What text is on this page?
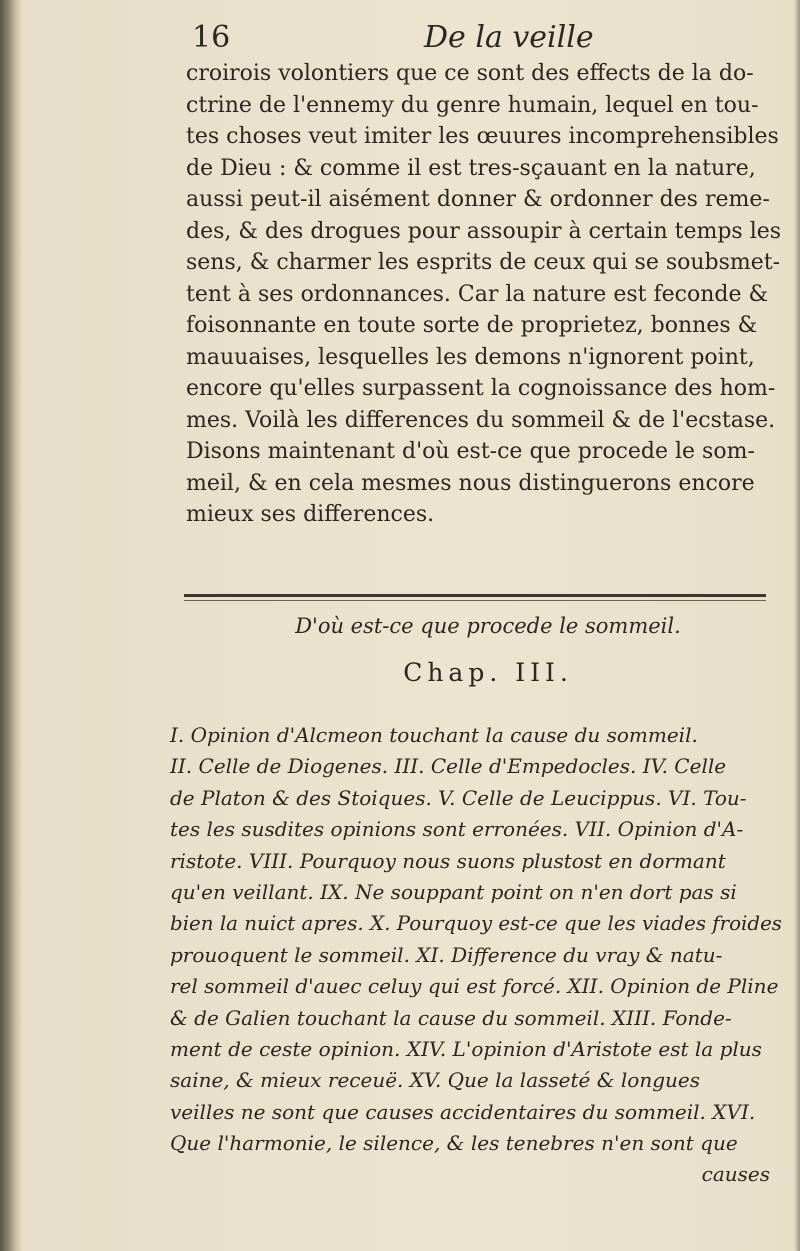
16	De la veille
croirois volontiers que ce sont des effects de la do-
ctrine de l'ennemy du genre humain, lequel en tou-
tes choses veut imiter les œuures incomprehensibles
de Dieu : & comme il est tres-sçauant en la nature,
aussi peut-il aisément donner & ordonner des reme-
des, & des drogues pour assoupir à certain temps les
sens, & charmer les esprits de ceux qui se soubsmet-
tent à ses ordonnances. Car la nature est feconde &
foisonnante en toute sorte de proprietez, bonnes &
mauuaises, lesquelles les demons n'ignorent point,
encore qu'elles surpassent la cognoissance des hom-
mes. Voilà les differences du sommeil & de l'ecstase.
Disons maintenant d'où est-ce que procede le som-
meil, & en cela mesmes nous distinguerons encore
mieux ses differences.
D'où est-ce que procede le sommeil.
Chap. III.
I. Opinion d'Alcmeon touchant la cause du sommeil.
II. Celle de Diogenes. III. Celle d'Empedocles. IV. Celle
de Platon & des Stoiques. V. Celle de Leucippus. VI. Tou-
tes les susdites opinions sont erronées. VII. Opinion d'A-
ristote. VIII. Pourquoy nous suons plustost en dormant
qu'en veillant. IX. Ne souppant point on n'en dort pas si
bien la nuict apres. X. Pourquoy est-ce que les viades froides
prouoquent le sommeil. XI. Difference du vray & natu-
rel sommeil d'auec celuy qui est forcé. XII. Opinion de Pline
& de Galien touchant la cause du sommeil. XIII. Fonde-
ment de ceste opinion. XIV. L'opinion d'Aristote est la plus
saine, & mieux receuë. XV. Que la lasseté & longues
veilles ne sont que causes accidentaires du sommeil. XVI.
Que l'harmonie, le silence, & les tenebres n'en sont que
causes
